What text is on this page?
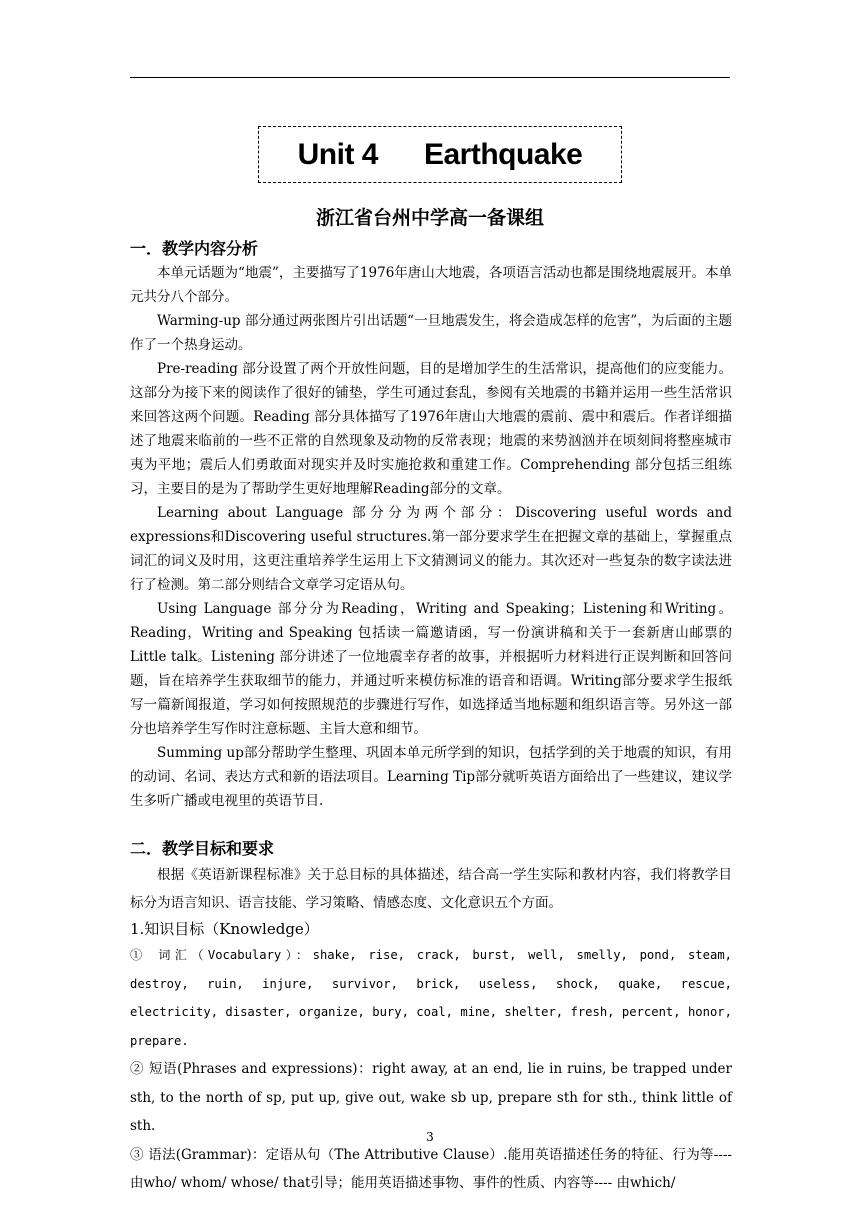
Unit 4 Earthquake
浙江省台州中学高一备课组

一．教学内容分析

本单元话题为“地震”，主要描写了1976年唐山大地震，各项语言活动也都是围绕地震展开。本单元共分八个部分。

Warming-up 部分通过两张图片引出话题“一旦地震发生，将会造成怎样的危害”，为后面的主题作了一个热身运动。

Pre-reading 部分设置了两个开放性问题，目的是增加学生的生活常识，提高他们的应变能力。这部分为接下来的阅读作了很好的铺垫，学生可通过套乱，参阅有关地震的书籍并运用一些生活常识来回答这两个问题。Reading 部分具体描写了1976年唐山大地震的震前、震中和震后。作者详细描述了地震来临前的一些不正常的自然现象及动物的反常表现；地震的来势汹汹并在顷刻间将整座城市夷为平地；震后人们勇敢面对现实并及时实施抢救和重建工作。Comprehending 部分包括三组练习，主要目的是为了帮助学生更好地理解Reading部分的文章。

Learning about Language 部分分为两个部分：Discovering useful words and expressions和Discovering useful structures.第一部分要求学生在把握文章的基础上，掌握重点词汇的词义及时用，这更注重培养学生运用上下文猜测词义的能力。其次还对一些复杂的数字读法进行了检测。第二部分则结合文章学习定语从句。

Using Language 部分分为Reading，Writing and Speaking；Listening和Writing。Reading，Writing and Speaking 包括读一篇邀请函，写一份演讲稿和关于一套新唐山邮票的Little talk。Listening 部分讲述了一位地震幸存者的故事，并根据听力材料进行正误判断和回答问题，旨在培养学生获取细节的能力，并通过听来模仿标准的语音和语调。Writing部分要求学生报纸写一篇新闻报道，学习如何按照规范的步骤进行写作，如选择适当地标题和组织语言等。另外这一部分也培养学生写作时注意标题、主旨大意和细节。

Summing up部分帮助学生整理、巩固本单元所学到的知识，包括学到的关于地震的知识，有用的动词、名词、表达方式和新的语法项目。Learning Tip部分就听英语方面给出了一些建议，建议学生多听广播或电视里的英语节目.

二．教学目标和要求

根据《英语新课程标准》关于总目标的具体描述，结合高一学生实际和教材内容，我们将教学目标分为语言知识、语言技能、学习策略、情感态度、文化意识五个方面。

1.知识目标（Knowledge）

① 词汇（Vocabulary）：shake, rise, crack, burst, well, smelly, pond, steam, destroy, ruin, injure, survivor, brick, useless, shock, quake, rescue, electricity, disaster, organize, bury, coal, mine, shelter, fresh, percent, honor, prepare.

② 短语(Phrases and expressions)：right away, at an end, lie in ruins, be trapped under sth, to the north of sp, put up, give out, wake sb up, prepare sth for sth., think little of sth.

③ 语法(Grammar)：定语从句（The Attributive Clause）.能用英语描述任务的特征、行为等---- 由who/ whom/ whose/ that引导；能用英语描述事物、事件的性质、内容等---- 由which/

3
